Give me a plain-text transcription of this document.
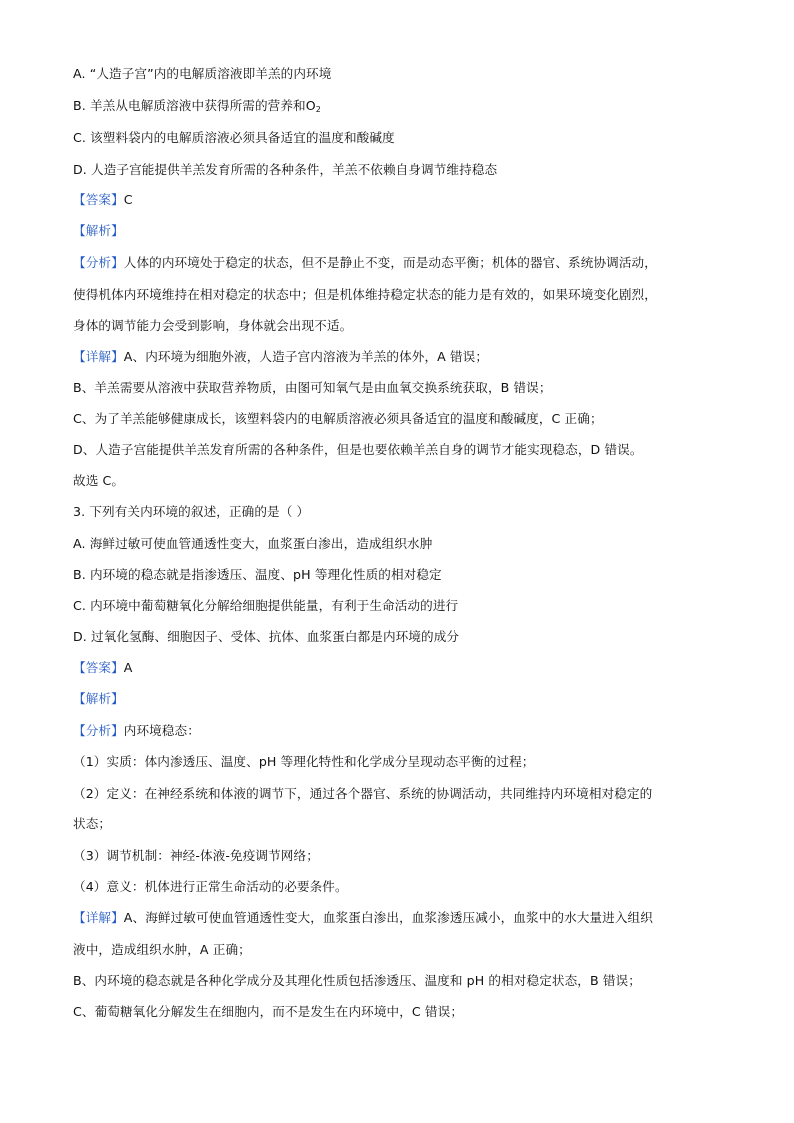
A. “人造子宫”内的电解质溶液即羊羔的内环境
B. 羊羔从电解质溶液中获得所需的营养和$O_2$
C. 该塑料袋内的电解质溶液必须具备适宜的温度和酸碱度
D. 人造子宫能提供羊羔发育所需的各种条件，羊羔不依赖自身调节维持稳态
【答案】C
【解析】
【分析】人体的内环境处于稳定的状态，但不是静止不变，而是动态平衡；机体的器官、系统协调活动，
使得机体内环境维持在相对稳定的状态中；但是机体维持稳定状态的能力是有效的，如果环境变化剧烈，
身体的调节能力会受到影响，身体就会出现不适。
【详解】A、内环境为细胞外液，人造子宫内溶液为羊羔的体外，A 错误；
B、羊羔需要从溶液中获取营养物质，由图可知氧气是由血氧交换系统获取，B 错误；
C、为了羊羔能够健康成长，该塑料袋内的电解质溶液必须具备适宜的温度和酸碱度，C 正确；
D、人造子宫能提供羊羔发育所需的各种条件，但是也要依赖羊羔自身的调节才能实现稳态，D 错误。
故选 C。
3. 下列有关内环境的叙述，正确的是（ ）
A. 海鲜过敏可使血管通透性变大，血浆蛋白渗出，造成组织水肿
B. 内环境的稳态就是指渗透压、温度、pH 等理化性质的相对稳定
C. 内环境中葡萄糖氧化分解给细胞提供能量，有利于生命活动的进行
D. 过氧化氢酶、细胞因子、受体、抗体、血浆蛋白都是内环境的成分
【答案】A
【解析】
【分析】内环境稳态：
（1）实质：体内渗透压、温度、pH 等理化特性和化学成分呈现动态平衡的过程；
（2）定义：在神经系统和体液的调节下，通过各个器官、系统的协调活动，共同维持内环境相对稳定的
状态；
（3）调节机制：神经-体液-免疫调节网络；
（4）意义：机体进行正常生命活动的必要条件。
【详解】A、海鲜过敏可使血管通透性变大，血浆蛋白渗出，血浆渗透压减小，血浆中的水大量进入组织
液中，造成组织水肿，A 正确；
B、内环境的稳态就是各种化学成分及其理化性质包括渗透压、温度和 pH 的相对稳定状态，B 错误；
C、葡萄糖氧化分解发生在细胞内，而不是发生在内环境中，C 错误；
